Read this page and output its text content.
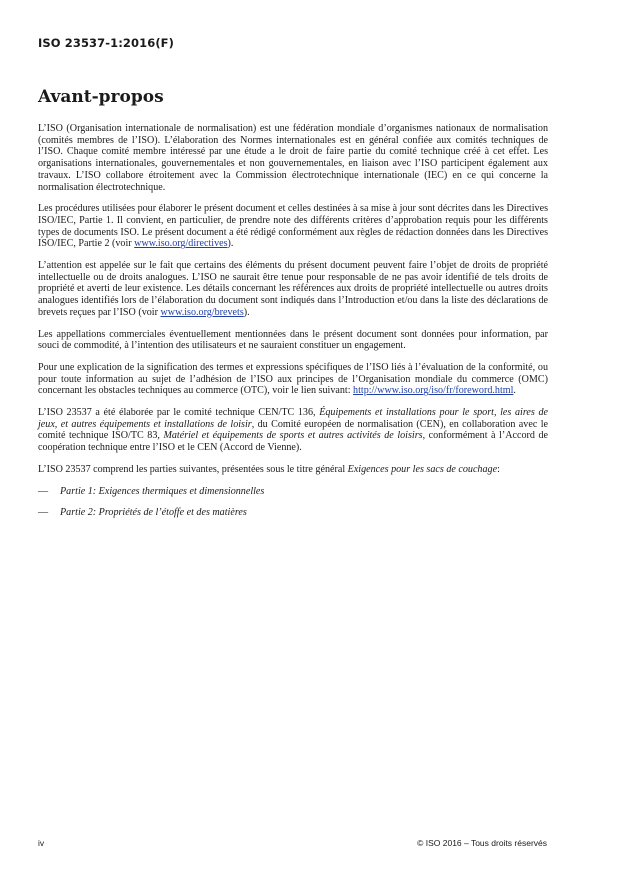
ISO 23537-1:2016(F)
Avant-propos

L’ISO (Organisation internationale de normalisation) est une fédération mondiale d’organismes nationaux de normalisation (comités membres de l’ISO). L’élaboration des Normes internationales est en général confiée aux comités techniques de l’ISO. Chaque comité membre intéressé par une étude a le droit de faire partie du comité technique créé à cet effet. Les organisations internationales, gouvernementales et non gouvernementales, en liaison avec l’ISO participent également aux travaux. L’ISO collabore étroitement avec la Commission électrotechnique internationale (IEC) en ce qui concerne la normalisation électrotechnique.

Les procédures utilisées pour élaborer le présent document et celles destinées à sa mise à jour sont décrites dans les Directives ISO/IEC, Partie 1. Il convient, en particulier, de prendre note des différents critères d’approbation requis pour les différents types de documents ISO. Le présent document a été rédigé conformément aux règles de rédaction données dans les Directives ISO/IEC, Partie 2 (voir www.iso.org/directives).

L’attention est appelée sur le fait que certains des éléments du présent document peuvent faire l’objet de droits de propriété intellectuelle ou de droits analogues. L’ISO ne saurait être tenue pour responsable de ne pas avoir identifié de tels droits de propriété et averti de leur existence. Les détails concernant les références aux droits de propriété intellectuelle ou autres droits analogues identifiés lors de l’élaboration du document sont indiqués dans l’Introduction et/ou dans la liste des déclarations de brevets reçues par l’ISO (voir www.iso.org/brevets).

Les appellations commerciales éventuellement mentionnées dans le présent document sont données pour information, par souci de commodité, à l’intention des utilisateurs et ne sauraient constituer un engagement.

Pour une explication de la signification des termes et expressions spécifiques de l’ISO liés à l’évaluation de la conformité, ou pour toute information au sujet de l’adhésion de l’ISO aux principes de l’Organisation mondiale du commerce (OMC) concernant les obstacles techniques au commerce (OTC), voir le lien suivant: http://www.iso.org/iso/fr/foreword.html.

L’ISO 23537 a été élaborée par le comité technique CEN/TC 136, Équipements et installations pour le sport, les aires de jeux, et autres équipements et installations de loisir, du Comité européen de normalisation (CEN), en collaboration avec le comité technique ISO/TC 83, Matériel et équipements de sports et autres activités de loisirs, conformément à l’Accord de coopération technique entre l’ISO et le CEN (Accord de Vienne).

L’ISO 23537 comprend les parties suivantes, présentées sous le titre général Exigences pour les sacs de couchage:

— Partie 1: Exigences thermiques et dimensionnelles

— Partie 2: Propriétés de l’étoffe et des matières

iv	© ISO 2016 – Tous droits réservés
